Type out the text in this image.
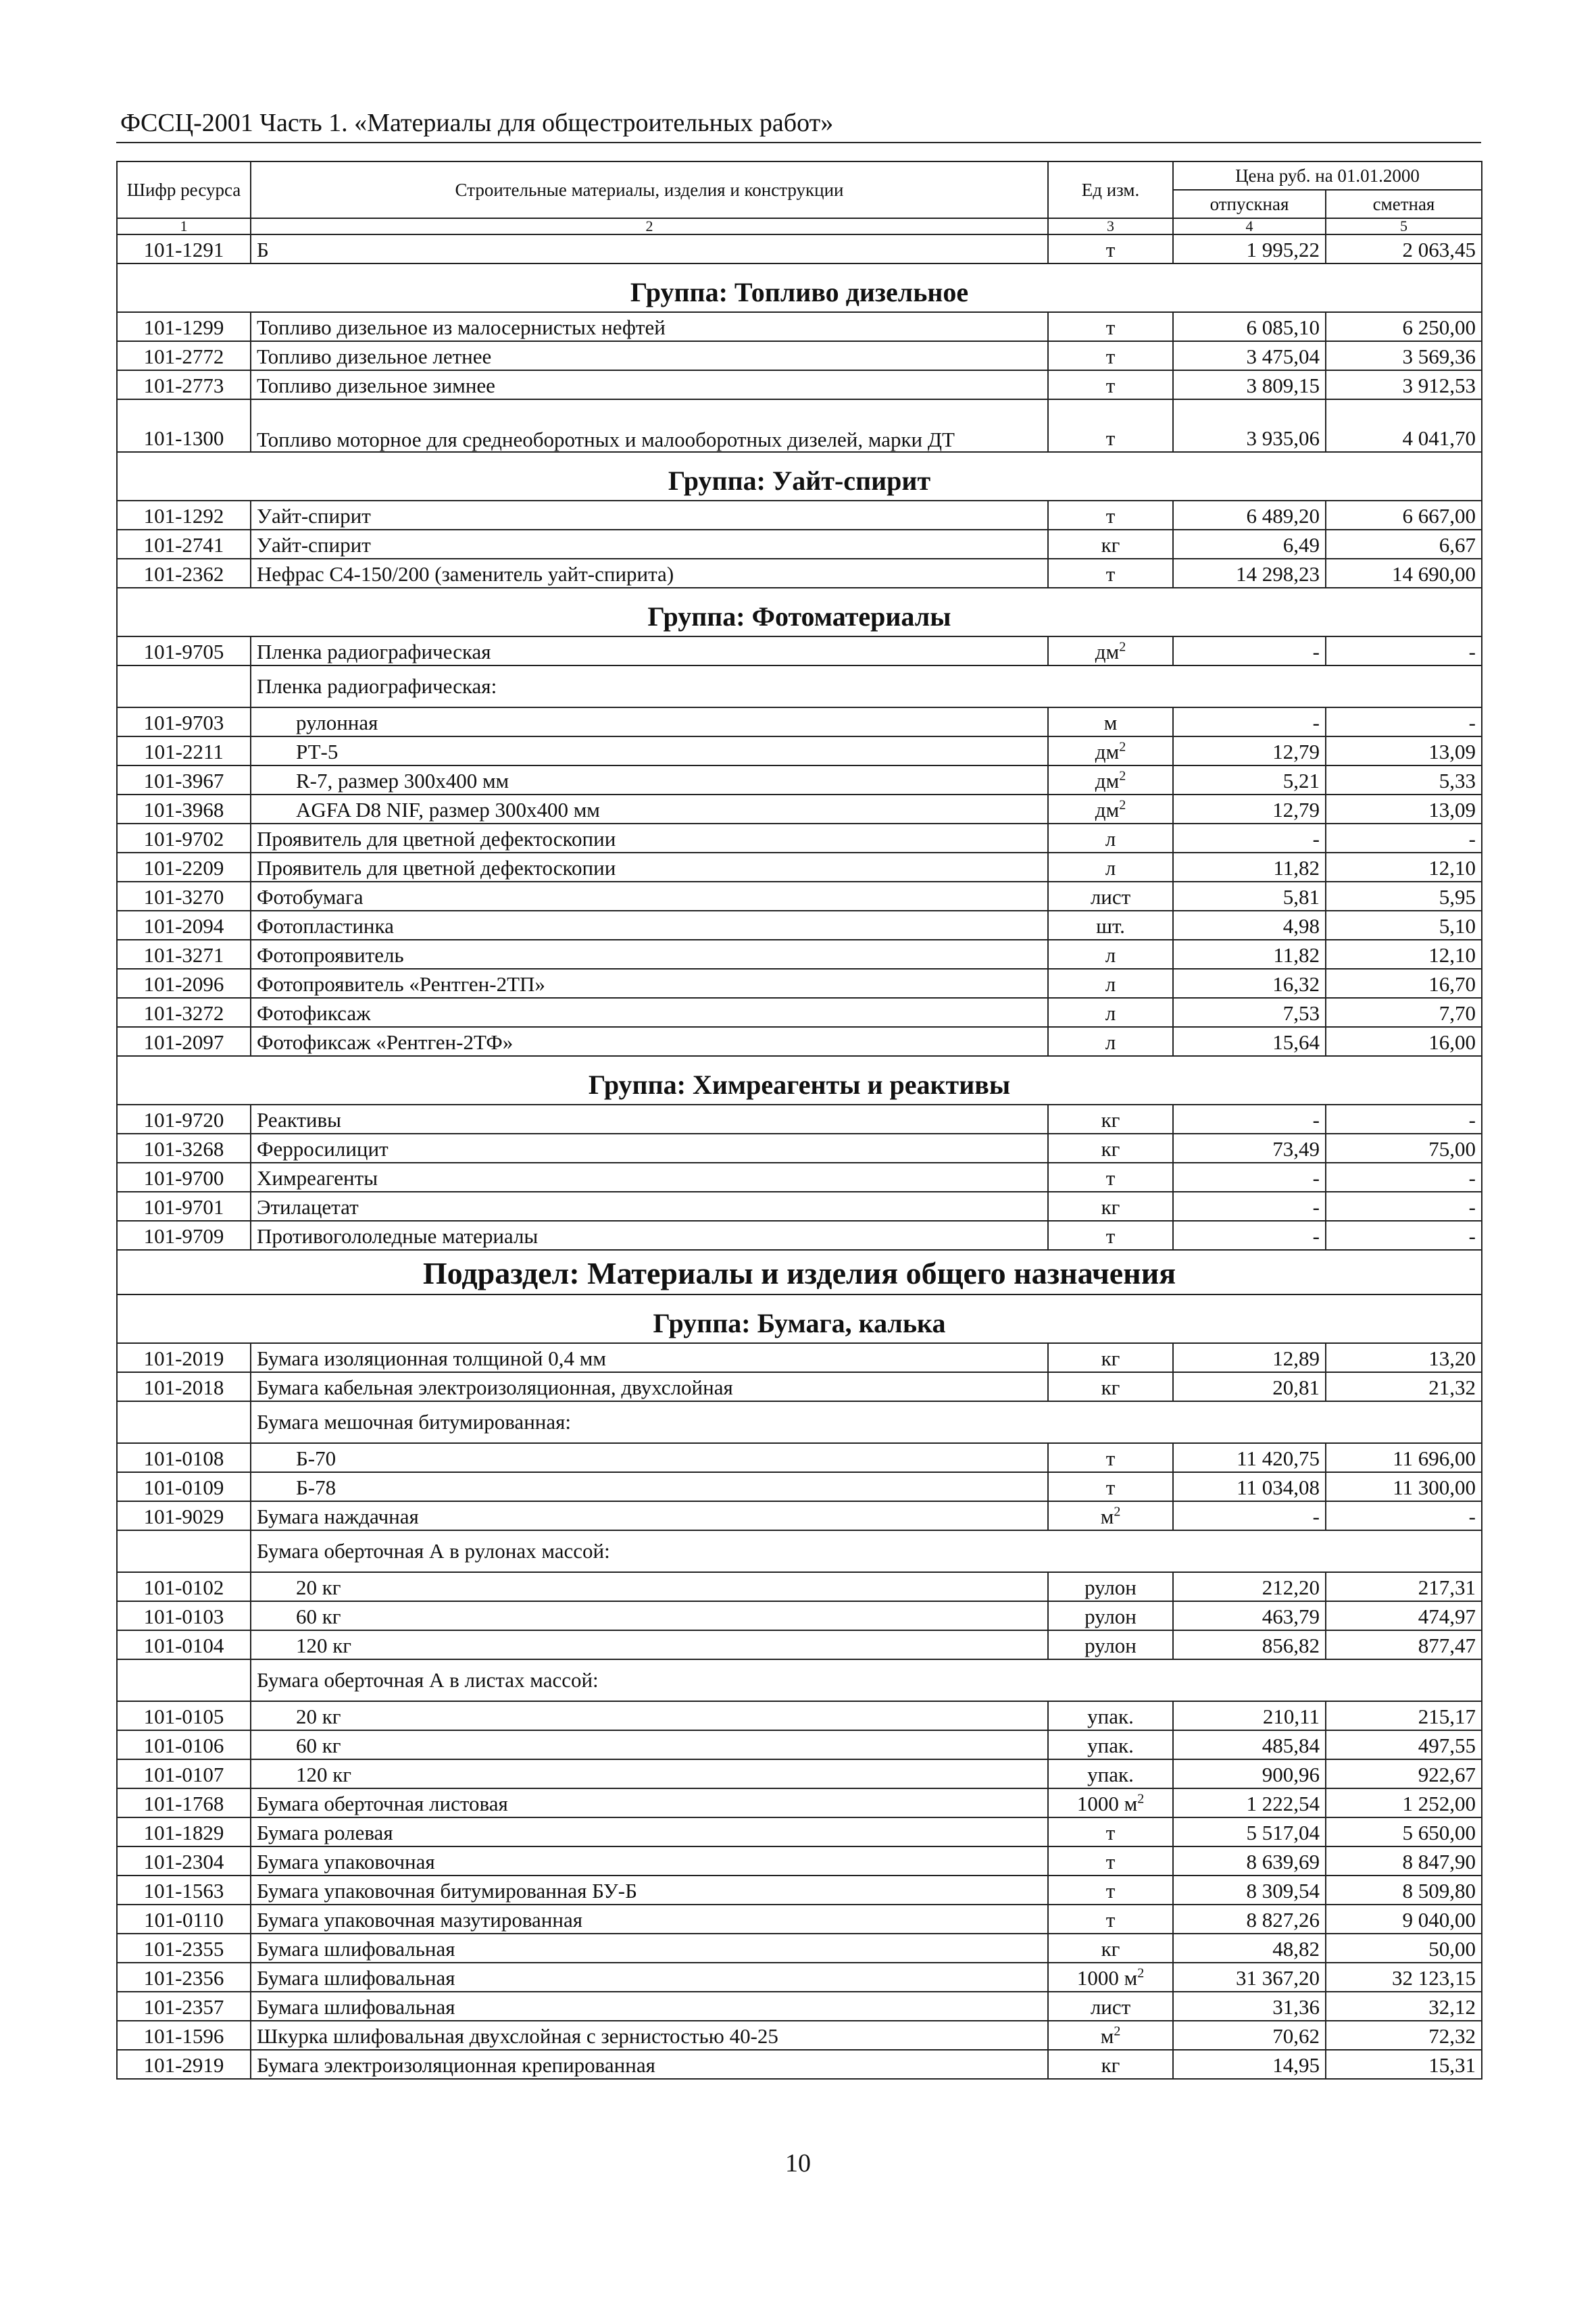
ФССЦ-2001 Часть 1. «Материалы для общестроительных работ»
Шифр ресурса	Строительные материалы, изделия и конструкции	Ед изм.	Цена руб. на 01.01.2000	
			отпускная	сметная
1	2	3	4	5
101-1291	Б	т	1 995,22	2 063,45
Группа: Топливо дизельное				
101-1299	Топливо дизельное из малосернистых нефтей	т	6 085,10	6 250,00
101-2772	Топливо дизельное летнее	т	3 475,04	3 569,36
101-2773	Топливо дизельное зимнее	т	3 809,15	3 912,53
101-1300	Топливо моторное для среднеоборотных и малооборотных дизелей, марки ДТ	т	3 935,06	4 041,70
Группа: Уайт-спирит				
101-1292	Уайт-спирит	т	6 489,20	6 667,00
101-2741	Уайт-спирит	кг	6,49	6,67
101-2362	Нефрас С4-150/200 (заменитель уайт-спирита)	т	14 298,23	14 690,00
Группа: Фотоматериалы				
101-9705	Пленка радиографическая	$дм^2$	-	-
	Пленка радиографическая:			
101-9703	рулонная	м	-	-
101-2211	РТ-5	$дм^2$	12,79	13,09
101-3967	R-7, размер 300х400 мм	$дм^2$	5,21	5,33
101-3968	AGFA D8 NIF, размер 300х400 мм	$дм^2$	12,79	13,09
101-9702	Проявитель для цветной дефектоскопии	л	-	-
101-2209	Проявитель для цветной дефектоскопии	л	11,82	12,10
101-3270	Фотобумага	лист	5,81	5,95
101-2094	Фотопластинка	шт.	4,98	5,10
101-3271	Фотопроявитель	л	11,82	12,10
101-2096	Фотопроявитель «Рентген-2ТП»	л	16,32	16,70
101-3272	Фотофиксаж	л	7,53	7,70
101-2097	Фотофиксаж «Рентген-2ТФ»	л	15,64	16,00
Группа: Химреагенты и реактивы				
101-9720	Реактивы	кг	-	-
101-3268	Ферросилицит	кг	73,49	75,00
101-9700	Химреагенты	т	-	-
101-9701	Этилацетат	кг	-	-
101-9709	Противогололедные материалы	т	-	-
Подраздел: Материалы и изделия общего назначения				
Группа: Бумага, калька				
101-2019	Бумага изоляционная толщиной 0,4 мм	кг	12,89	13,20
101-2018	Бумага кабельная электроизоляционная, двухслойная	кг	20,81	21,32
	Бумага мешочная битумированная:			
101-0108	Б-70	т	11 420,75	11 696,00
101-0109	Б-78	т	11 034,08	11 300,00
101-9029	Бумага наждачная	$м^2$	-	-
	Бумага оберточная А в рулонах массой:			
101-0102	20 кг	рулон	212,20	217,31
101-0103	60 кг	рулон	463,79	474,97
101-0104	120 кг	рулон	856,82	877,47
	Бумага оберточная А в листах массой:			
101-0105	20 кг	упак.	210,11	215,17
101-0106	60 кг	упак.	485,84	497,55
101-0107	120 кг	упак.	900,96	922,67
101-1768	Бумага оберточная листовая	1000 $м^2$	1 222,54	1 252,00
101-1829	Бумага ролевая	т	5 517,04	5 650,00
101-2304	Бумага упаковочная	т	8 639,69	8 847,90
101-1563	Бумага упаковочная битумированная БУ-Б	т	8 309,54	8 509,80
101-0110	Бумага упаковочная мазутированная	т	8 827,26	9 040,00
101-2355	Бумага шлифовальная	кг	48,82	50,00
101-2356	Бумага шлифовальная	1000 $м^2$	31 367,20	32 123,15
101-2357	Бумага шлифовальная	лист	31,36	32,12
101-1596	Шкурка шлифовальная двухслойная с зернистостью 40-25	$м^2$	70,62	72,32
101-2919	Бумага электроизоляционная крепированная	кг	14,95	15,31
10
